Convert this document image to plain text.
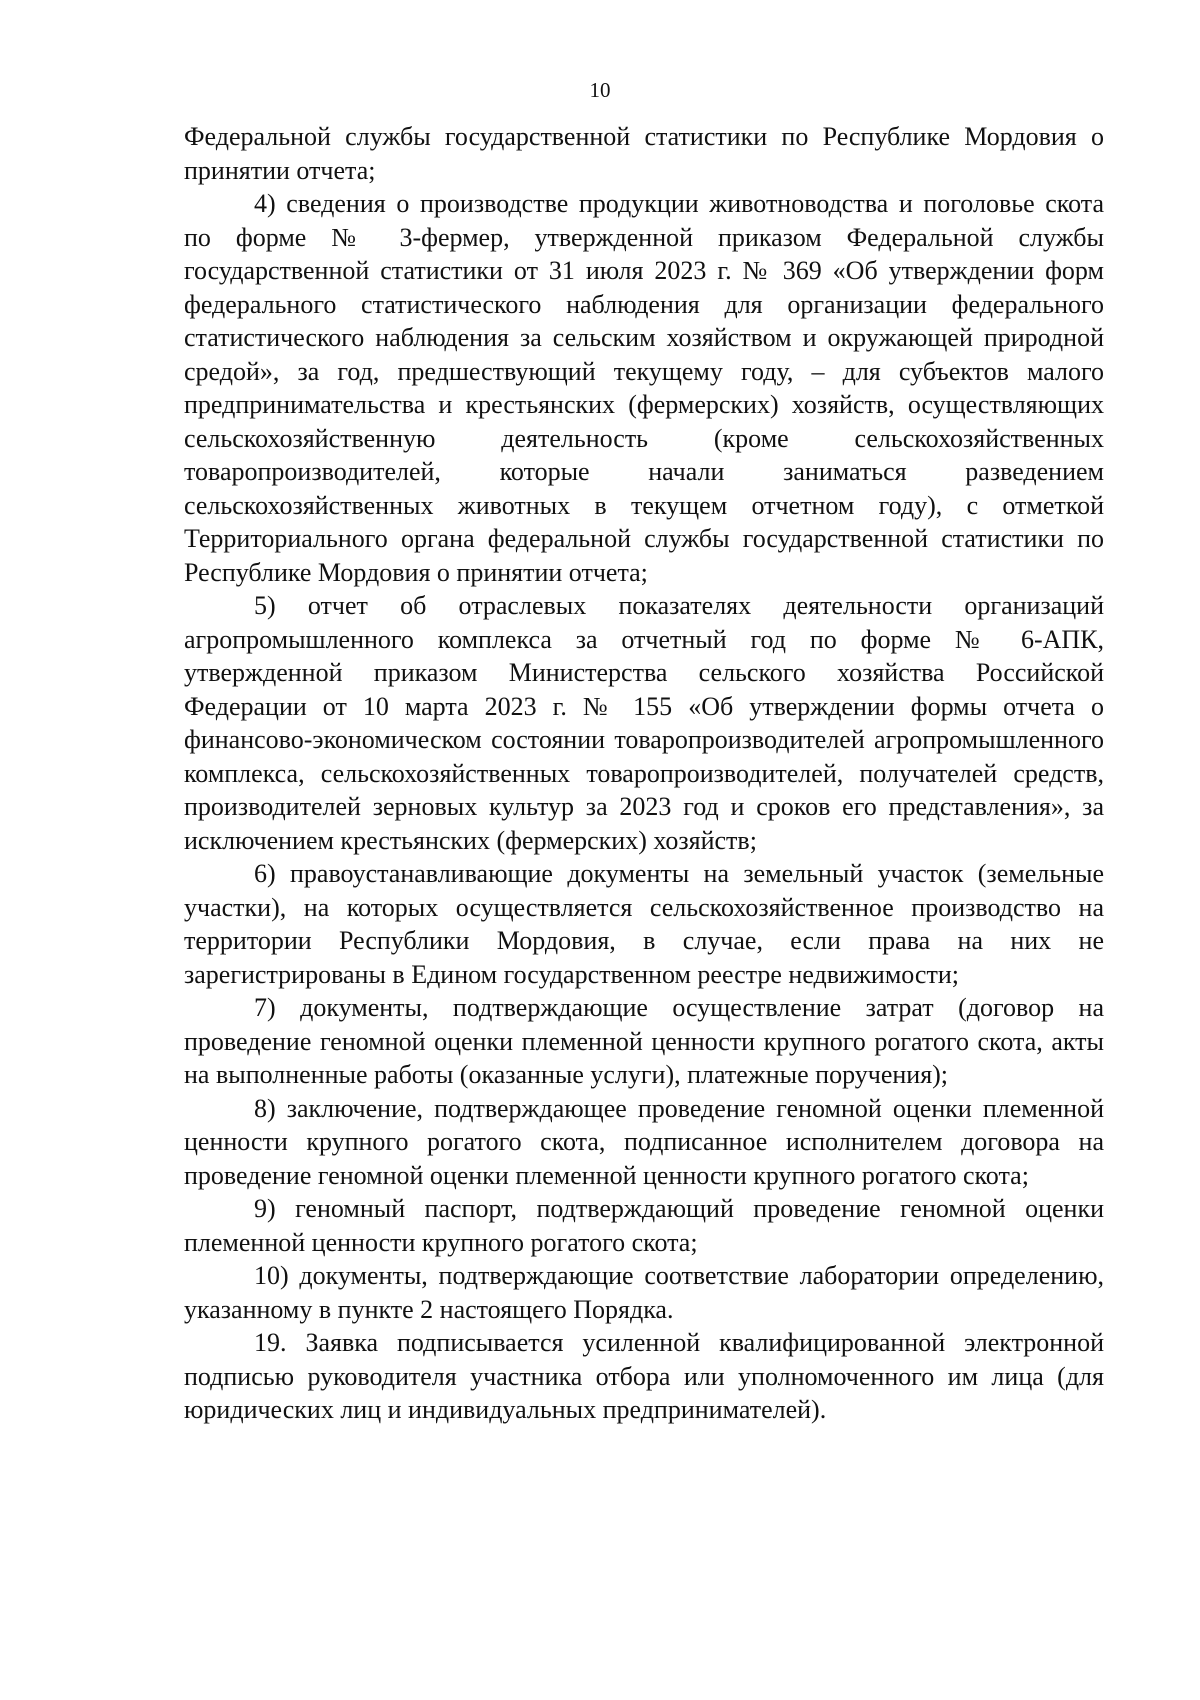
10

Федеральной службы государственной статистики по Республике Мордовия о принятии отчета;

4) сведения о производстве продукции животноводства и поголовье скота по форме № 3-фермер, утвержденной приказом Федеральной службы государственной статистики от 31 июля 2023 г. № 369 «Об утверждении форм федерального статистического наблюдения для организации федерального статистического наблюдения за сельским хозяйством и окружающей природной средой», за год, предшествующий текущему году, – для субъектов малого предпринимательства и крестьянских (фермерских) хозяйств, осуществляющих сельскохозяйственную деятельность (кроме сельскохозяйственных товаропроизводителей, которые начали заниматься разведением сельскохозяйственных животных в текущем отчетном году), с отметкой Территориального органа федеральной службы государственной статистики по Республике Мордовия о принятии отчета;

5) отчет об отраслевых показателях деятельности организаций агропромышленного комплекса за отчетный год по форме № 6-АПК, утвержденной приказом Министерства сельского хозяйства Российской Федерации от 10 марта 2023 г. № 155 «Об утверждении формы отчета о финансово-экономическом состоянии товаропроизводителей агропромышленного комплекса, сельскохозяйственных товаропроизводителей, получателей средств, производителей зерновых культур за 2023 год и сроков его представления», за исключением крестьянских (фермерских) хозяйств;

6) правоустанавливающие документы на земельный участок (земельные участки), на которых осуществляется сельскохозяйственное производство на территории Республики Мордовия, в случае, если права на них не зарегистрированы в Едином государственном реестре недвижимости;

7) документы, подтверждающие осуществление затрат (договор на проведение геномной оценки племенной ценности крупного рогатого скота, акты на выполненные работы (оказанные услуги), платежные поручения);

8) заключение, подтверждающее проведение геномной оценки племенной ценности крупного рогатого скота, подписанное исполнителем договора на проведение геномной оценки племенной ценности крупного рогатого скота;

9) геномный паспорт, подтверждающий проведение геномной оценки племенной ценности крупного рогатого скота;

10) документы, подтверждающие соответствие лаборатории определению, указанному в пункте 2 настоящего Порядка.

19. Заявка подписывается усиленной квалифицированной электронной подписью руководителя участника отбора или уполномоченного им лица (для юридических лиц и индивидуальных предпринимателей).
